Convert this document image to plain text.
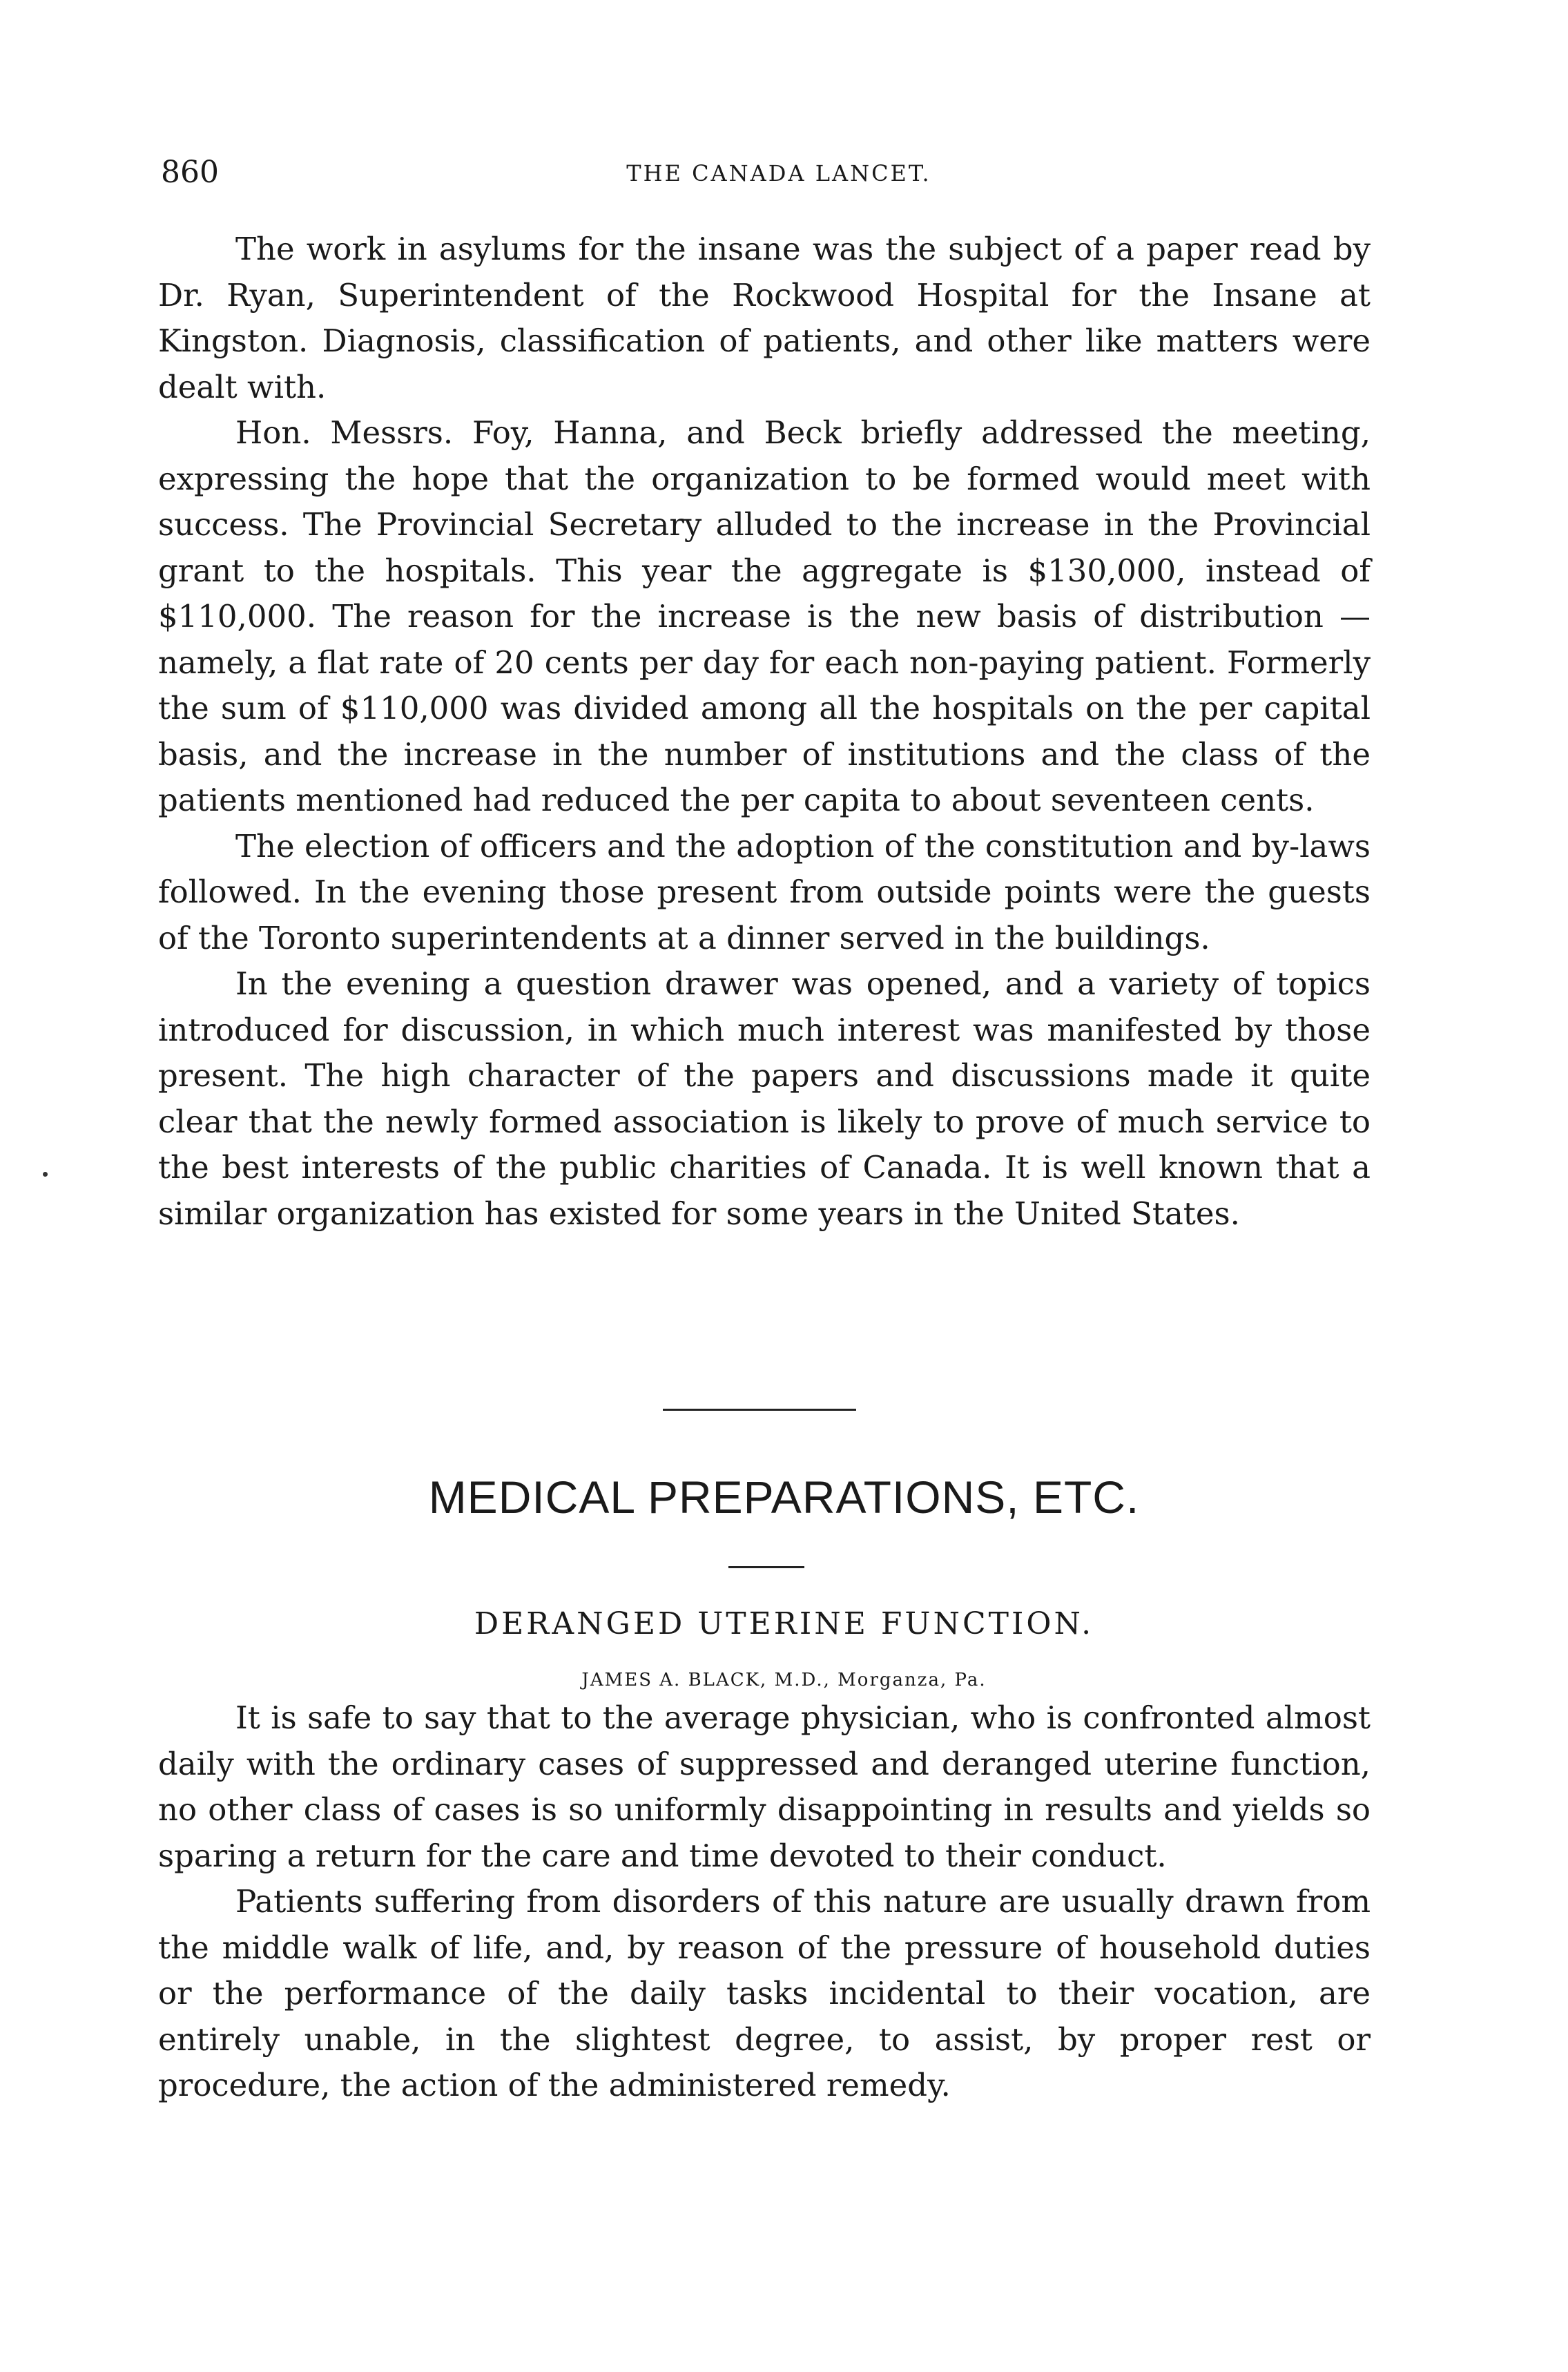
860	THE CANADA LANCET.

The work in asylums for the insane was the subject of a paper read by Dr. Ryan, Superintendent of the Rockwood Hospital for the Insane at Kingston. Diagnosis, classification of patients, and other like matters were dealt with.

Hon. Messrs. Foy, Hanna, and Beck briefly addressed the meeting, expressing the hope that the organization to be formed would meet with success. The Provincial Secretary alluded to the increase in the Provincial grant to the hospitals. This year the aggregate is $130,000, instead of $110,000. The reason for the increase is the new basis of distribution —namely, a flat rate of 20 cents per day for each non-paying patient. Formerly the sum of $110,000 was divided among all the hospitals on the per capital basis, and the increase in the number of institutions and the class of the patients mentioned had reduced the per capita to about seventeen cents.

The election of officers and the adoption of the constitution and by-laws followed. In the evening those present from outside points were the guests of the Toronto superintendents at a dinner served in the buildings.

In the evening a question drawer was opened, and a variety of topics introduced for discussion, in which much interest was manifested by those present. The high character of the papers and discussions made it quite clear that the newly formed association is likely to prove of much service to the best interests of the public charities of Canada. It is well known that a similar organization has existed for some years in the United States.

MEDICAL PREPARATIONS, ETC.
DERANGED UTERINE FUNCTION.

JAMES A. BLACK, M.D., Morganza, Pa.

It is safe to say that to the average physician, who is confronted almost daily with the ordinary cases of suppressed and deranged uterine function, no other class of cases is so uniformly disappointing in results and yields so sparing a return for the care and time devoted to their conduct.

Patients suffering from disorders of this nature are usually drawn from the middle walk of life, and, by reason of the pressure of household duties or the performance of the daily tasks incidental to their vocation, are entirely unable, in the slightest degree, to assist, by proper rest or procedure, the action of the administered remedy.
